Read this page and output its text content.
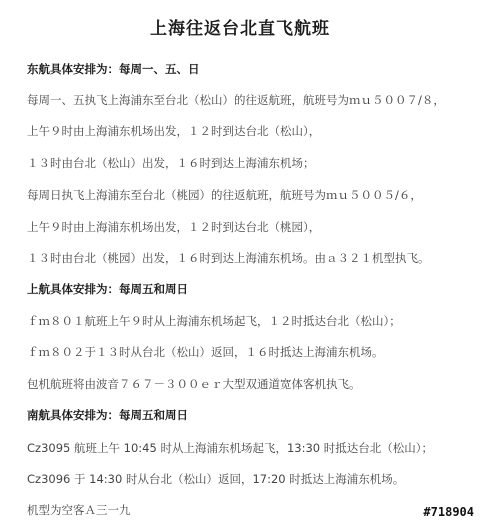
上海往返台北直飞航班
东航具体安排为：每周一、五、日
每周一、五执飞上海浦东至台北（松山）的往返航班，航班号为ｍｕ５００７/８，
上午９时由上海浦东机场出发，１２时到达台北（松山），
１３时由台北（松山）出发，１６时到达上海浦东机场；
每周日执飞上海浦东至台北（桃园）的往返航班，航班号为ｍｕ５００５/６，
上午９时由上海浦东机场出发，１２时到达台北（桃园），
１３时由台北（桃园）出发，１６时到达上海浦东机场。由ａ３２１机型执飞。
上航具体安排为：每周五和周日
ｆｍ８０１航班上午９时从上海浦东机场起飞，１２时抵达台北（松山）；
ｆｍ８０２于１３时从台北（松山）返回，１６时抵达上海浦东机场。
包机航班将由波音７６７－３００ｅｒ大型双通道宽体客机执飞。
南航具体安排为：每周五和周日
Cz3095 航班上午 10:45 时从上海浦东机场起飞，13:30 时抵达台北（松山）；
Cz3096 于 14:30 时从台北（松山）返回，17:20 时抵达上海浦东机场。
机型为空客Ａ三一九	#718904
